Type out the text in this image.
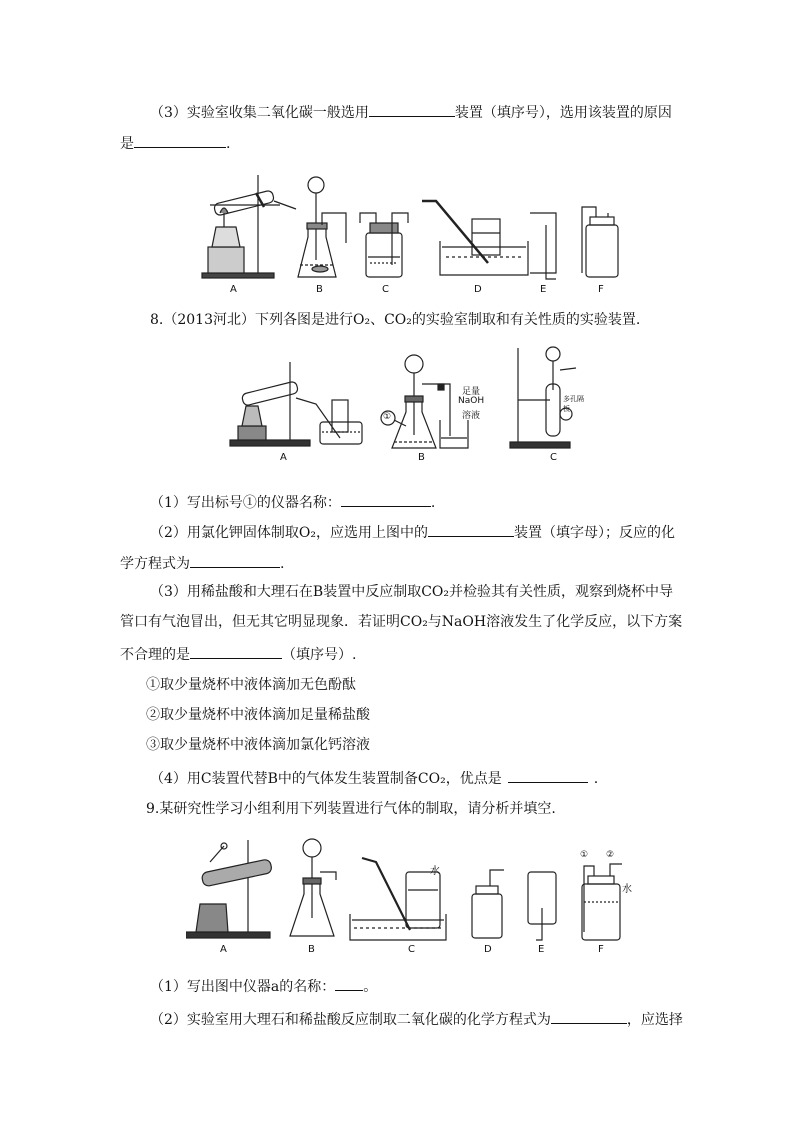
（3）实验室收集二氧化碳一般选用	装置（填序号），选用该装置的原因
是	.
A	B	C	D	E	F
8.（2013河北）下列各图是进行O₂、CO₂的实验室制取和有关性质的实验装置.
①
足量
NaOH
溶液
多孔隔板
A	B	C
（1）写出标号①的仪器名称：	.
（2）用氯化钾固体制取O₂，应选用上图中的	装置（填字母）；反应的化
学方程式为	.
（3）用稀盐酸和大理石在B装置中反应制取CO₂并检验其有关性质，观察到烧杯中导
管口有气泡冒出，但无其它明显现象．若证明CO₂与NaOH溶液发生了化学反应，以下方案
不合理的是	（填序号）.
①取少量烧杯中液体滴加无色酚酞
②取少量烧杯中液体滴加足量稀盐酸
③取少量烧杯中液体滴加氯化钙溶液
（4）用C装置代替B中的气体发生装置制备CO₂，优点是	.
9.某研究性学习小组利用下列装置进行气体的制取，请分析并填空.
水
水
① ②
A	B	C	D	E	F
（1）写出图中仪器a的名称： 。
（2）实验室用大理石和稀盐酸反应制取二氧化碳的化学方程式为	，应选择
